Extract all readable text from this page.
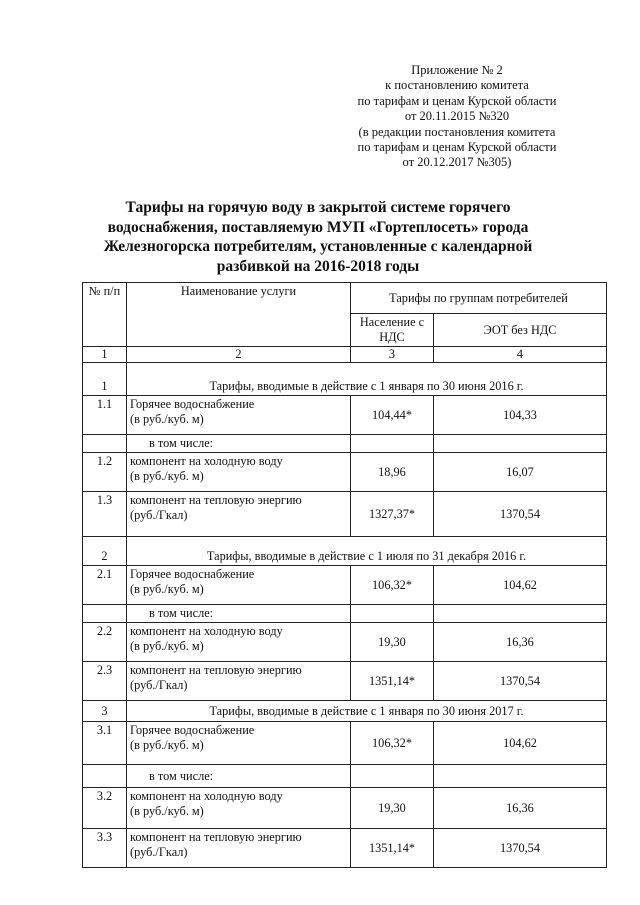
Приложение № 2
к постановлению комитета
по тарифам и ценам Курской области
от 20.11.2015 №320
(в редакции постановления комитета
по тарифам и ценам Курской области
от 20.12.2017 №305)
Тарифы на горячую воду в закрытой системе горячего водоснабжения, поставляемую МУП «Гортеплосеть» города Железногорска потребителям, установленные с календарной разбивкой на 2016-2018 годы
№ п/п	Наименование услуги	Тарифы по группам потребителей	
		Население с НДС	ЭОТ без НДС
1	2	3	4
1	Тарифы, вводимые в действие с 1 января по 30 июня 2016 г.		
1.1	Горячее водоснабжение
(в руб./куб. м)	104,44*	104,33
	в том числе:		
1.2	компонент на холодную воду
(в руб./куб. м)	18,96	16,07
1.3	компонент на тепловую энергию
(руб./Гкал)	1327,37*	1370,54
2	Тарифы, вводимые в действие с 1 июля по 31 декабря 2016 г.		
2.1	Горячее водоснабжение
(в руб./куб. м)	106,32*	104,62
	в том числе:		
2.2	компонент на холодную воду
(в руб./куб. м)	19,30	16,36
2.3	компонент на тепловую энергию
(руб./Гкал)	1351,14*	1370,54
3	Тарифы, вводимые в действие с 1 января по 30 июня 2017 г.		
3.1	Горячее водоснабжение
(в руб./куб. м)	106,32*	104,62
	в том числе:		
3.2	компонент на холодную воду
(в руб./куб. м)	19,30	16,36
3.3	компонент на тепловую энергию
(руб./Гкал)	1351,14*	1370,54
